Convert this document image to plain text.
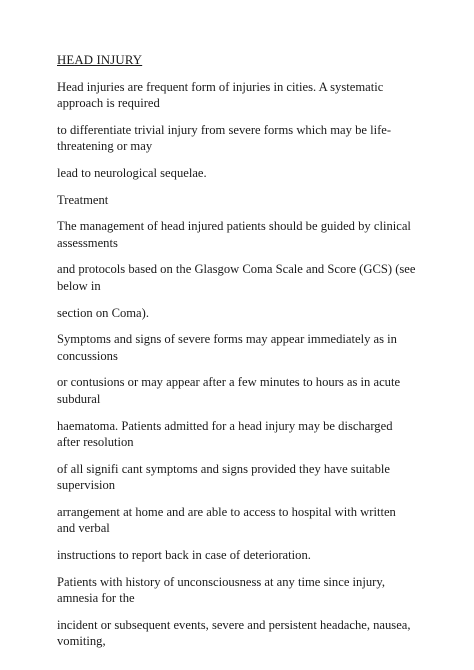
HEAD INJURY
Head injuries are frequent form of injuries in cities. A systematic approach is required
to differentiate trivial injury from severe forms which may be life-threatening or may
lead to neurological sequelae.
Treatment
The management of head injured patients should be guided by clinical assessments
and protocols based on the Glasgow Coma Scale and Score (GCS) (see below in
section on Coma).
Symptoms and signs of severe forms may appear immediately as in concussions
or contusions or may appear after a few minutes to hours as in acute subdural
haematoma. Patients admitted for a head injury may be discharged after resolution
of all signifi cant symptoms and signs provided they have suitable supervision
arrangement at home and are able to access to hospital with written and verbal
instructions to report back in case of deterioration.
Patients with history of unconsciousness at any time since injury, amnesia for the
incident or subsequent events, severe and persistent headache, nausea, vomiting,
